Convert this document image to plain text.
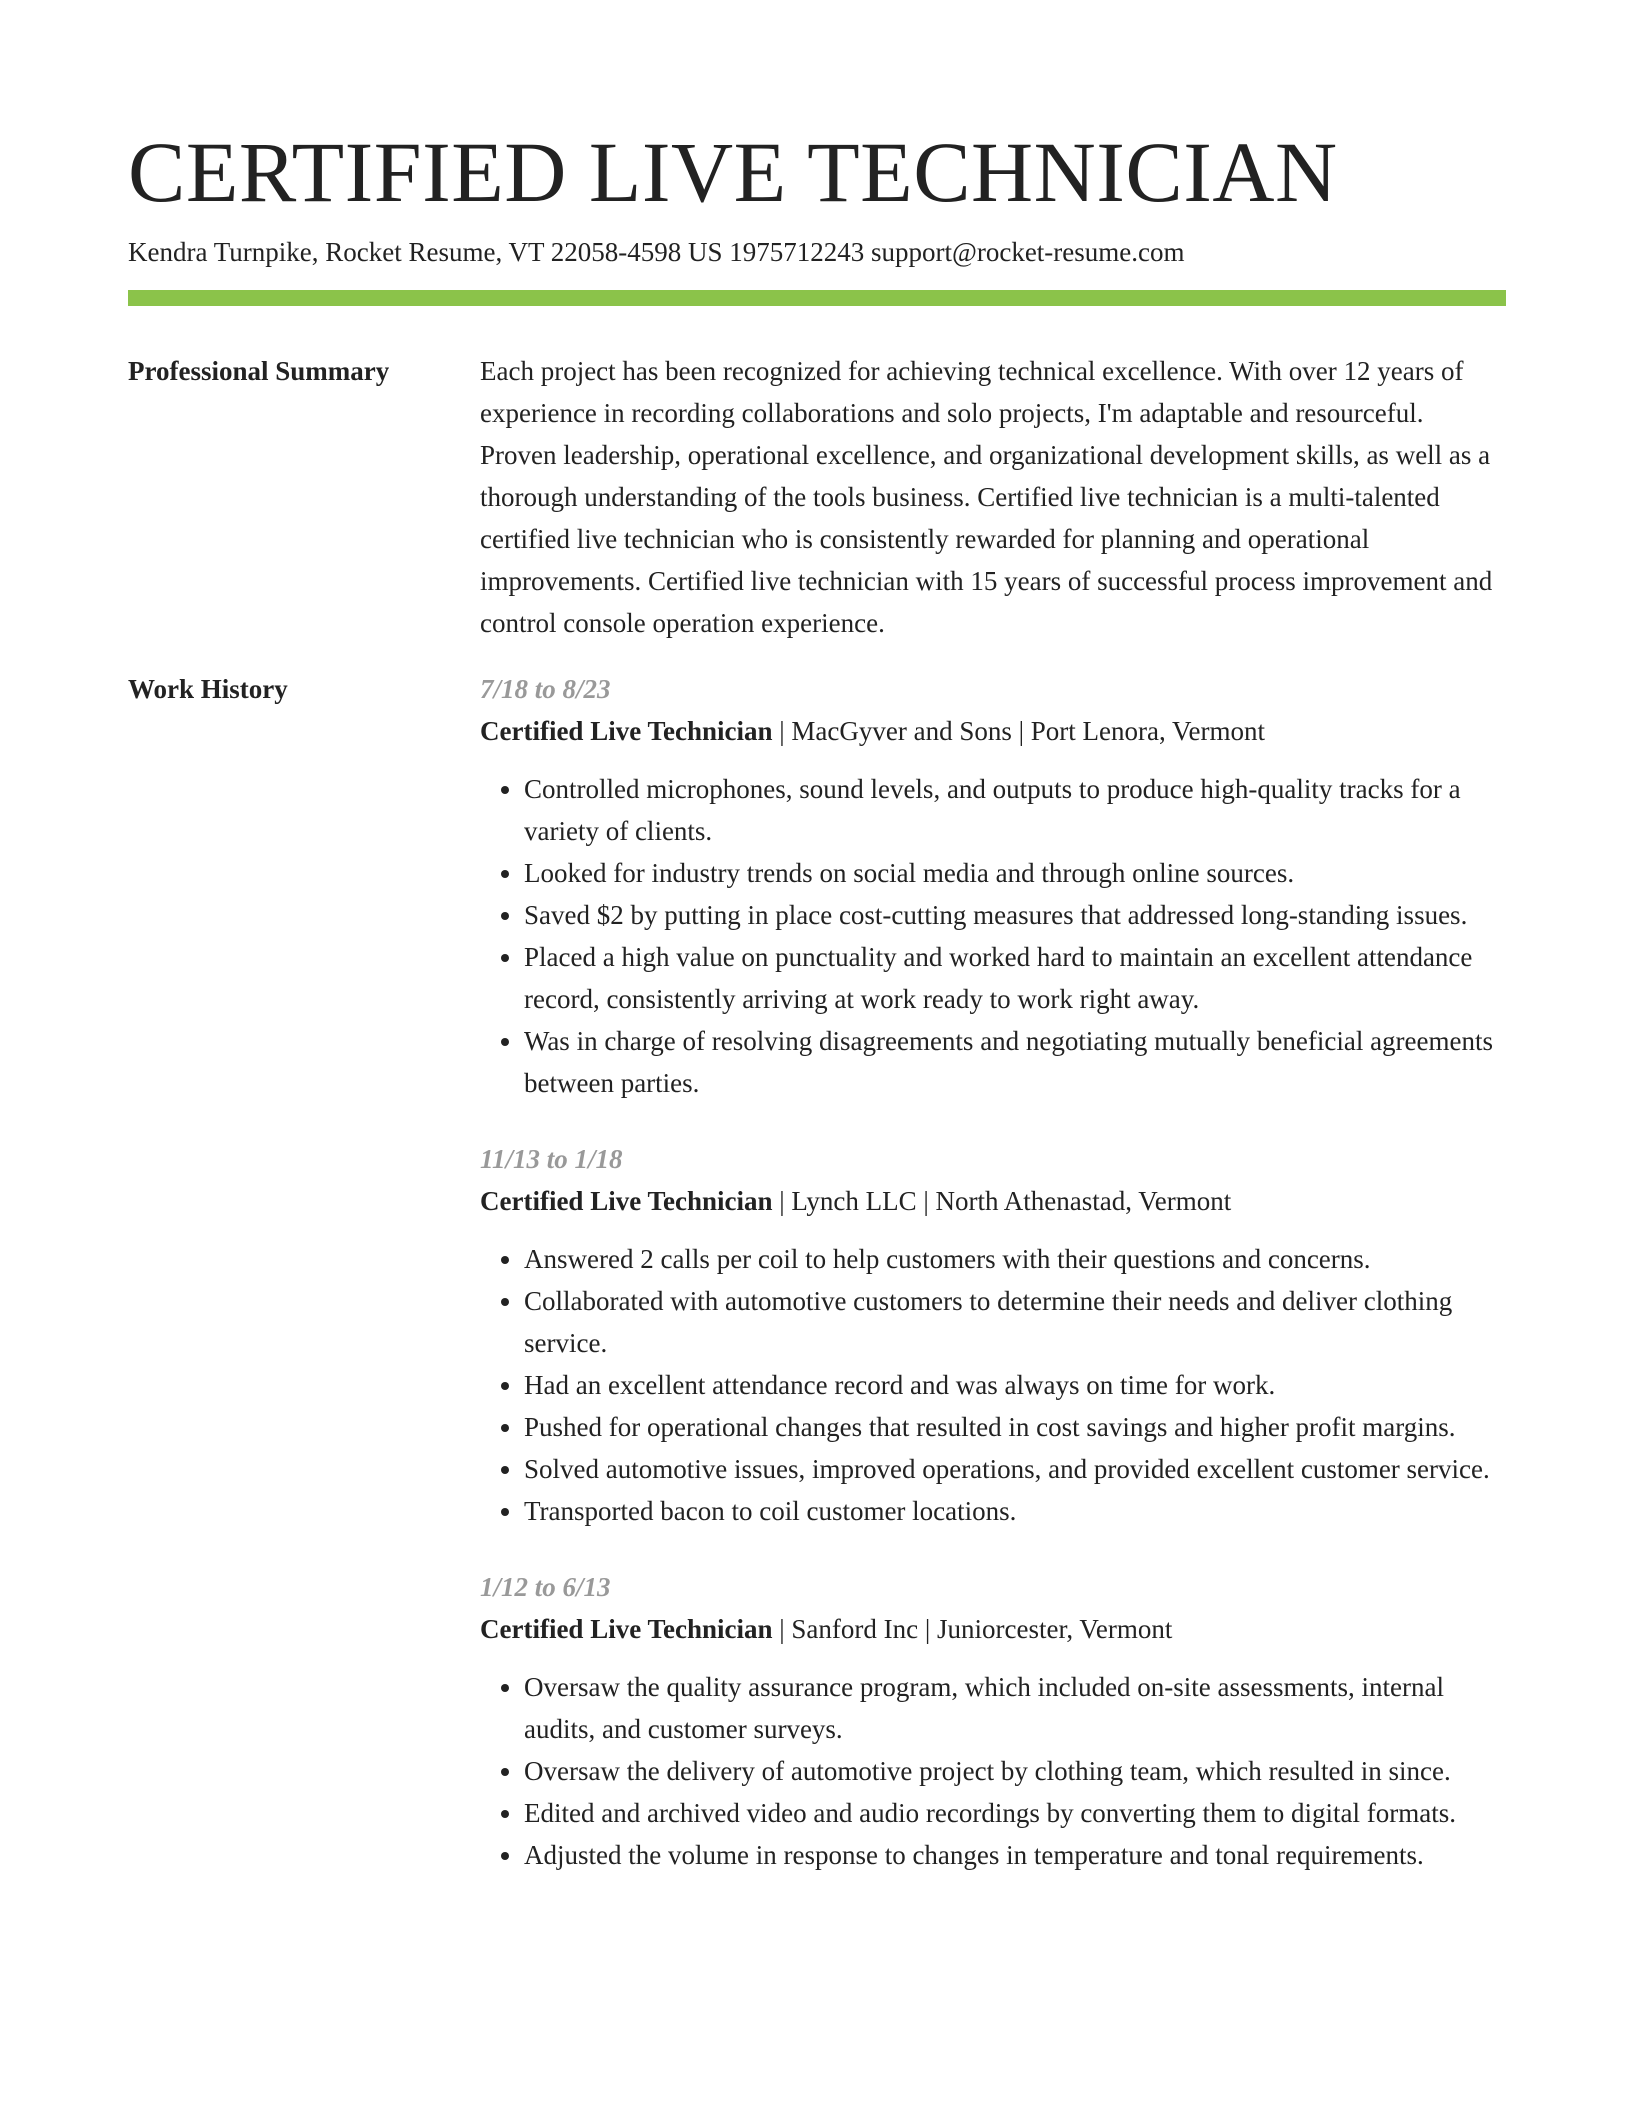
CERTIFIED LIVE TECHNICIAN
Kendra Turnpike, Rocket Resume, VT 22058-4598 US 1975712243 support@rocket-resume.com
Professional Summary	Each project has been recognized for achieving technical excellence. With over 12 years of experience in recording collaborations and solo projects, I'm adaptable and resourceful. Proven leadership, operational excellence, and organizational development skills, as well as a thorough understanding of the tools business. Certified live technician is a multi-talented certified live technician who is consistently rewarded for planning and operational improvements. Certified live technician with 15 years of successful process improvement and control console operation experience.

Work History	7/18 to 8/23
Certified Live Technician | MacGyver and Sons | Port Lenora, Vermont
• Controlled microphones, sound levels, and outputs to produce high-quality tracks for a variety of clients.
• Looked for industry trends on social media and through online sources.
• Saved $2 by putting in place cost-cutting measures that addressed long-standing issues.
• Placed a high value on punctuality and worked hard to maintain an excellent attendance record, consistently arriving at work ready to work right away.
• Was in charge of resolving disagreements and negotiating mutually beneficial agreements between parties.
11/13 to 1/18
Certified Live Technician | Lynch LLC | North Athenastad, Vermont
• Answered 2 calls per coil to help customers with their questions and concerns.
• Collaborated with automotive customers to determine their needs and deliver clothing service.
• Had an excellent attendance record and was always on time for work.
• Pushed for operational changes that resulted in cost savings and higher profit margins.
• Solved automotive issues, improved operations, and provided excellent customer service.
• Transported bacon to coil customer locations.
1/12 to 6/13
Certified Live Technician | Sanford Inc | Juniorcester, Vermont
• Oversaw the quality assurance program, which included on-site assessments, internal audits, and customer surveys.
• Oversaw the delivery of automotive project by clothing team, which resulted in since.
• Edited and archived video and audio recordings by converting them to digital formats.
• Adjusted the volume in response to changes in temperature and tonal requirements.
